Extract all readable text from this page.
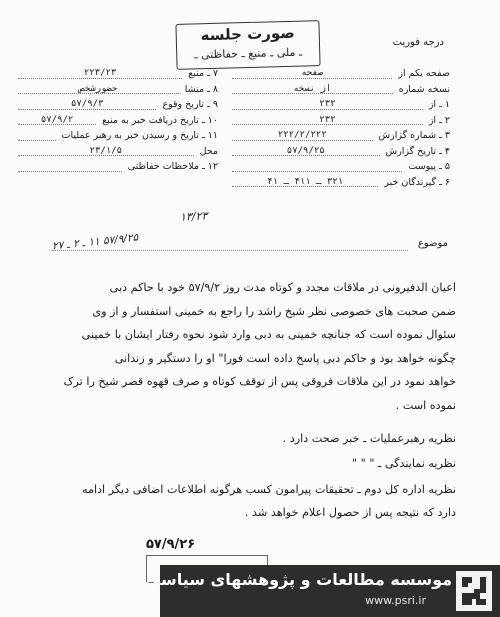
درجه فوریت
صورت جلسه
ـ ملی ـ منبع ـ حفاظتی ـ
صفحه یکم از
صفحه
نسخه شماره
از نسخه
۱ ـ از
۲۳۲
۲ ـ از
۲۳۲
۳ ـ شماره گزارش
۲۲۲/۲/۲۲۲
۴ ـ تاریخ گزارش
۵۷/۹/۲۵
۵ ـ پیوست
۶ ـ گیرندگان خبر
۳۲۱ ـ ۴۱۱ ـ ۴۱
۷ ـ منبع
۲۲۳/۲۳
۸ ـ منشا
حضورشخص
۹ ـ تاریخ وقوع
۵۷/۹/۳
۱۰ ـ تاریخ دریافت خبر به منبع
۵۷/۹/۲
۱۱ ـ تاریخ و رسیدن خبر به رهبر عملیات
محل
۲۳/۱/۵
۱۲ ـ ملاحظات حفاظتی
۱۳/۲۳
۵۷/۹/۲۵ ۱۱ ـ ۲ ـ ۲۷	موضوع

اعیان الدفیرونی در ملاقات مجدد و کوتاه مدت روز ۵۷/۹/۲ خود با حاکم دبی

ضمن صحبت های خصوصی نظر شیخ راشد را راجع به خمینی استفسار و از وی

سئوال نموده است که جنانچه خمینی به دبی وارد شود نحوه رفتار ایشان با خمینی

چگونه خواهد بود و حاکم دبی پاسخ داده است فورا" او را دستگیر و زندانی

خواهد نمود در این ملاقات فروقی پس از توقف کوتاه و صرف قهوه قصر شیخ را ترک

نموده است .

نظریه رهبرعملیات ـ خبر صحت دارد .

نظریه نمایندگی ـ " " "

نظریه اداره کل دوم ـ تحقیقات پیرامون کسب هرگونه اطلاعات اضافی دیگر ادامه

دارد که نتیجه پس از حصول اعلام خواهد شد .

۵۷/۹/۲۶
موسسه مطالعات و پژوهشهای سیاسی
www.psri.ir
